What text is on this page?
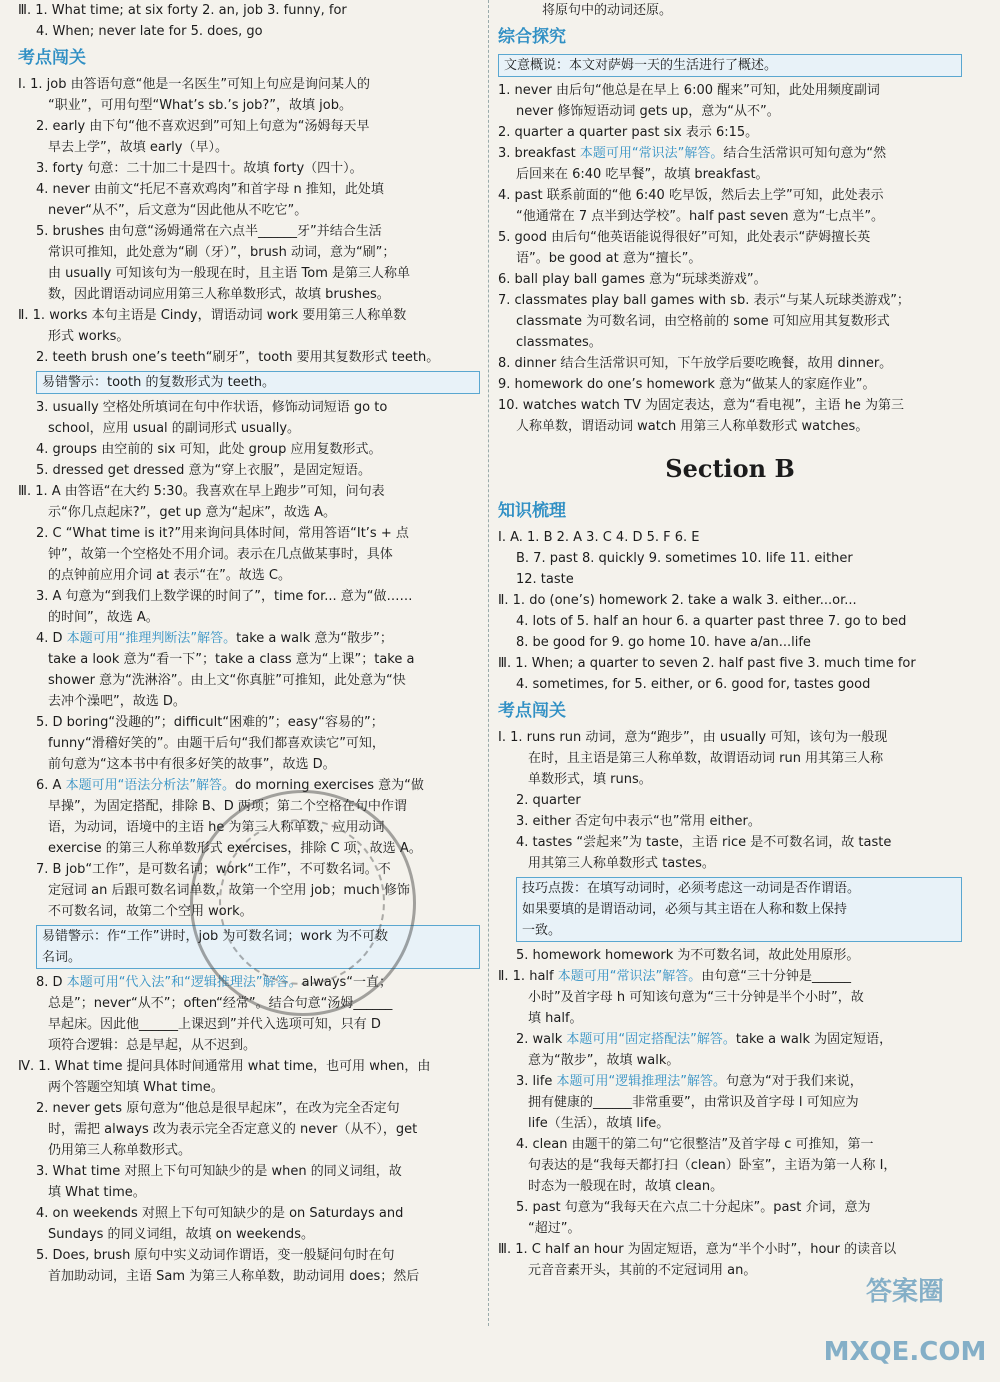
Ⅲ. 1. What time; at six forty 2. an, job 3. funny, for
4. When; never late for 5. does, go
考点闯关
Ⅰ. 1. job 由答语句意“他是一名医生”可知上句应是询问某人的
“职业”，可用句型“What’s sb.’s job?”，故填 job。
2. early 由下句“他不喜欢迟到”可知上句意为“汤姆每天早
早去上学”，故填 early（早）。
3. forty 句意：二十加二十是四十。故填 forty（四十）。
4. never 由前文“托尼不喜欢鸡肉”和首字母 n 推知，此处填
never“从不”，后文意为“因此他从不吃它”。
5. brushes 由句意“汤姆通常在六点半______牙”并结合生活
常识可推知，此处意为“刷（牙）”，brush 动词，意为“刷”；
由 usually 可知该句为一般现在时，且主语 Tom 是第三人称单
数，因此谓语动词应用第三人称单数形式，故填 brushes。
Ⅱ. 1. works 本句主语是 Cindy，谓语动词 work 要用第三人称单数
形式 works。
2. teeth brush one’s teeth“刷牙”，tooth 要用其复数形式 teeth。
易错警示：tooth 的复数形式为 teeth。
3. usually 空格处所填词在句中作状语，修饰动词短语 go to
school，应用 usual 的副词形式 usually。
4. groups 由空前的 six 可知，此处 group 应用复数形式。
5. dressed get dressed 意为“穿上衣服”，是固定短语。
Ⅲ. 1. A 由答语“在大约 5:30。我喜欢在早上跑步”可知，问句表
示“你几点起床?”，get up 意为“起床”，故选 A。
2. C “What time is it?”用来询问具体时间，常用答语“It’s + 点
钟”，故第一个空格处不用介词。表示在几点做某事时，具体
的点钟前应用介词 at 表示“在”。故选 C。
3. A 句意为“到我们上数学课的时间了”，time for... 意为“做……
的时间”，故选 A。
4. D 本题可用“推理判断法”解答。take a walk 意为“散步”；
take a look 意为“看一下”；take a class 意为“上课”；take a
shower 意为“洗淋浴”。由上文“你真脏”可推知，此处意为“快
去冲个澡吧”，故选 D。
5. D boring“没趣的”；difficult“困难的”；easy“容易的”；
funny“滑稽好笑的”。由题干后句“我们都喜欢读它”可知，
前句意为“这本书中有很多好笑的故事”，故选 D。
6. A 本题可用“语法分析法”解答。do morning exercises 意为“做
早操”，为固定搭配，排除 B、D 两项；第二个空格在句中作谓
语，为动词，语境中的主语 he 为第三人称单数，应用动词
exercise 的第三人称单数形式 exercises，排除 C 项，故选 A。
7. B job“工作”，是可数名词；work“工作”，不可数名词。不
定冠词 an 后跟可数名词单数，故第一个空用 job；much 修饰
不可数名词，故第二个空用 work。
易错警示：作“工作”讲时，job 为可数名词；work 为不可数
名词。
8. D 本题可用“代入法”和“逻辑推理法”解答。always“一直；
总是”；never“从不”；often“经常”。结合句意“汤姆______
早起床。因此他______上课迟到”并代入选项可知，只有 D
项符合逻辑：总是早起，从不迟到。
Ⅳ. 1. What time 提问具体时间通常用 what time，也可用 when，由
两个答题空知填 What time。
2. never gets 原句意为“他总是很早起床”，在改为完全否定句
时，需把 always 改为表示完全否定意义的 never（从不），get
仍用第三人称单数形式。
3. What time 对照上下句可知缺少的是 when 的同义词组，故
填 What time。
4. on weekends 对照上下句可知缺少的是 on Saturdays and
Sundays 的同义词组，故填 on weekends。
5. Does, brush 原句中实义动词作谓语，变一般疑问句时在句
首加助动词，主语 Sam 为第三人称单数，助动词用 does；然后
将原句中的动词还原。
综合探究
文意概说：本文对萨姆一天的生活进行了概述。
1. never 由后句“他总是在早上 6:00 醒来”可知，此处用频度副词
never 修饰短语动词 gets up，意为“从不”。
2. quarter a quarter past six 表示 6:15。
3. breakfast 本题可用“常识法”解答。结合生活常识可知句意为“然
后回来在 6:40 吃早餐”，故填 breakfast。
4. past 联系前面的“他 6:40 吃早饭，然后去上学”可知，此处表示
“他通常在 7 点半到达学校”。half past seven 意为“七点半”。
5. good 由后句“他英语能说得很好”可知，此处表示“萨姆擅长英
语”。be good at 意为“擅长”。
6. ball play ball games 意为“玩球类游戏”。
7. classmates play ball games with sb. 表示“与某人玩球类游戏”；
classmate 为可数名词，由空格前的 some 可知应用其复数形式
classmates。
8. dinner 结合生活常识可知，下午放学后要吃晚餐，故用 dinner。
9. homework do one’s homework 意为“做某人的家庭作业”。
10. watches watch TV 为固定表达，意为“看电视”，主语 he 为第三
人称单数，谓语动词 watch 用第三人称单数形式 watches。
Section B
知识梳理
Ⅰ. A. 1. B 2. A 3. C 4. D 5. F 6. E
B. 7. past 8. quickly 9. sometimes 10. life 11. either
12. taste
Ⅱ. 1. do (one’s) homework 2. take a walk 3. either...or...
4. lots of 5. half an hour 6. a quarter past three 7. go to bed
8. be good for 9. go home 10. have a/an...life
Ⅲ. 1. When; a quarter to seven 2. half past five 3. much time for
4. sometimes, for 5. either, or 6. good for, tastes good
考点闯关
Ⅰ. 1. runs run 动词，意为“跑步”，由 usually 可知，该句为一般现
在时，且主语是第三人称单数，故谓语动词 run 用其第三人称
单数形式，填 runs。
2. quarter
3. either 否定句中表示“也”常用 either。
4. tastes “尝起来”为 taste，主语 rice 是不可数名词，故 taste
用其第三人称单数形式 tastes。
技巧点拨：在填写动词时，必须考虑这一动词是否作谓语。
如果要填的是谓语动词，必须与其主语在人称和数上保持
一致。
5. homework homework 为不可数名词，故此处用原形。
Ⅱ. 1. half 本题可用“常识法”解答。由句意“三十分钟是______
小时”及首字母 h 可知该句意为“三十分钟是半个小时”，故
填 half。
2. walk 本题可用“固定搭配法”解答。take a walk 为固定短语，
意为“散步”，故填 walk。
3. life 本题可用“逻辑推理法”解答。句意为“对于我们来说，
拥有健康的______非常重要”，由常识及首字母 l 可知应为
life（生活），故填 life。
4. clean 由题干的第二句“它很整洁”及首字母 c 可推知，第一
句表达的是“我每天都打扫（clean）卧室”，主语为第一人称 I，
时态为一般现在时，故填 clean。
5. past 句意为“我每天在六点二十分起床”。past 介词，意为
“超过”。
Ⅲ. 1. C half an hour 为固定短语，意为“半个小时”，hour 的读音以
元音音素开头，其前的不定冠词用 an。
答案圈 MXQE.COM
